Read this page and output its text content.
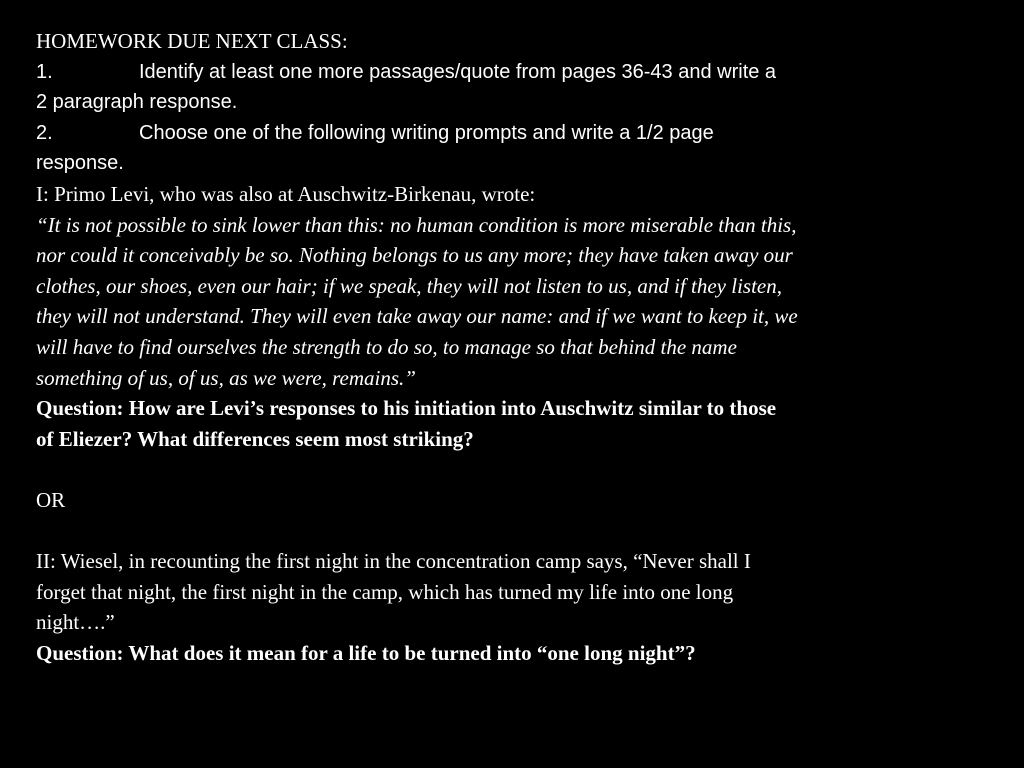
HOMEWORK DUE NEXT CLASS:
1.	Identify at least one more passages/quote from pages 36-43 and write a
2 paragraph response.
2.	Choose one of the following writing prompts and write a 1/2 page
response.
I: Primo Levi, who was also at Auschwitz-Birkenau, wrote:
“It is not possible to sink lower than this: no human condition is more miserable than this,
nor could it conceivably be so. Nothing belongs to us any more; they have taken away our
clothes, our shoes, even our hair; if we speak, they will not listen to us, and if they listen,
they will not understand. They will even take away our name: and if we want to keep it, we
will have to find ourselves the strength to do so, to manage so that behind the name
something of us, of us, as we were, remains.”
Question: How are Levi’s responses to his initiation into Auschwitz similar to those
of Eliezer? What differences seem most striking?
OR
II: Wiesel, in recounting the first night in the concentration camp says, “Never shall I
forget that night, the first night in the camp, which has turned my life into one long
night….”
Question: What does it mean for a life to be turned into “one long night”?
